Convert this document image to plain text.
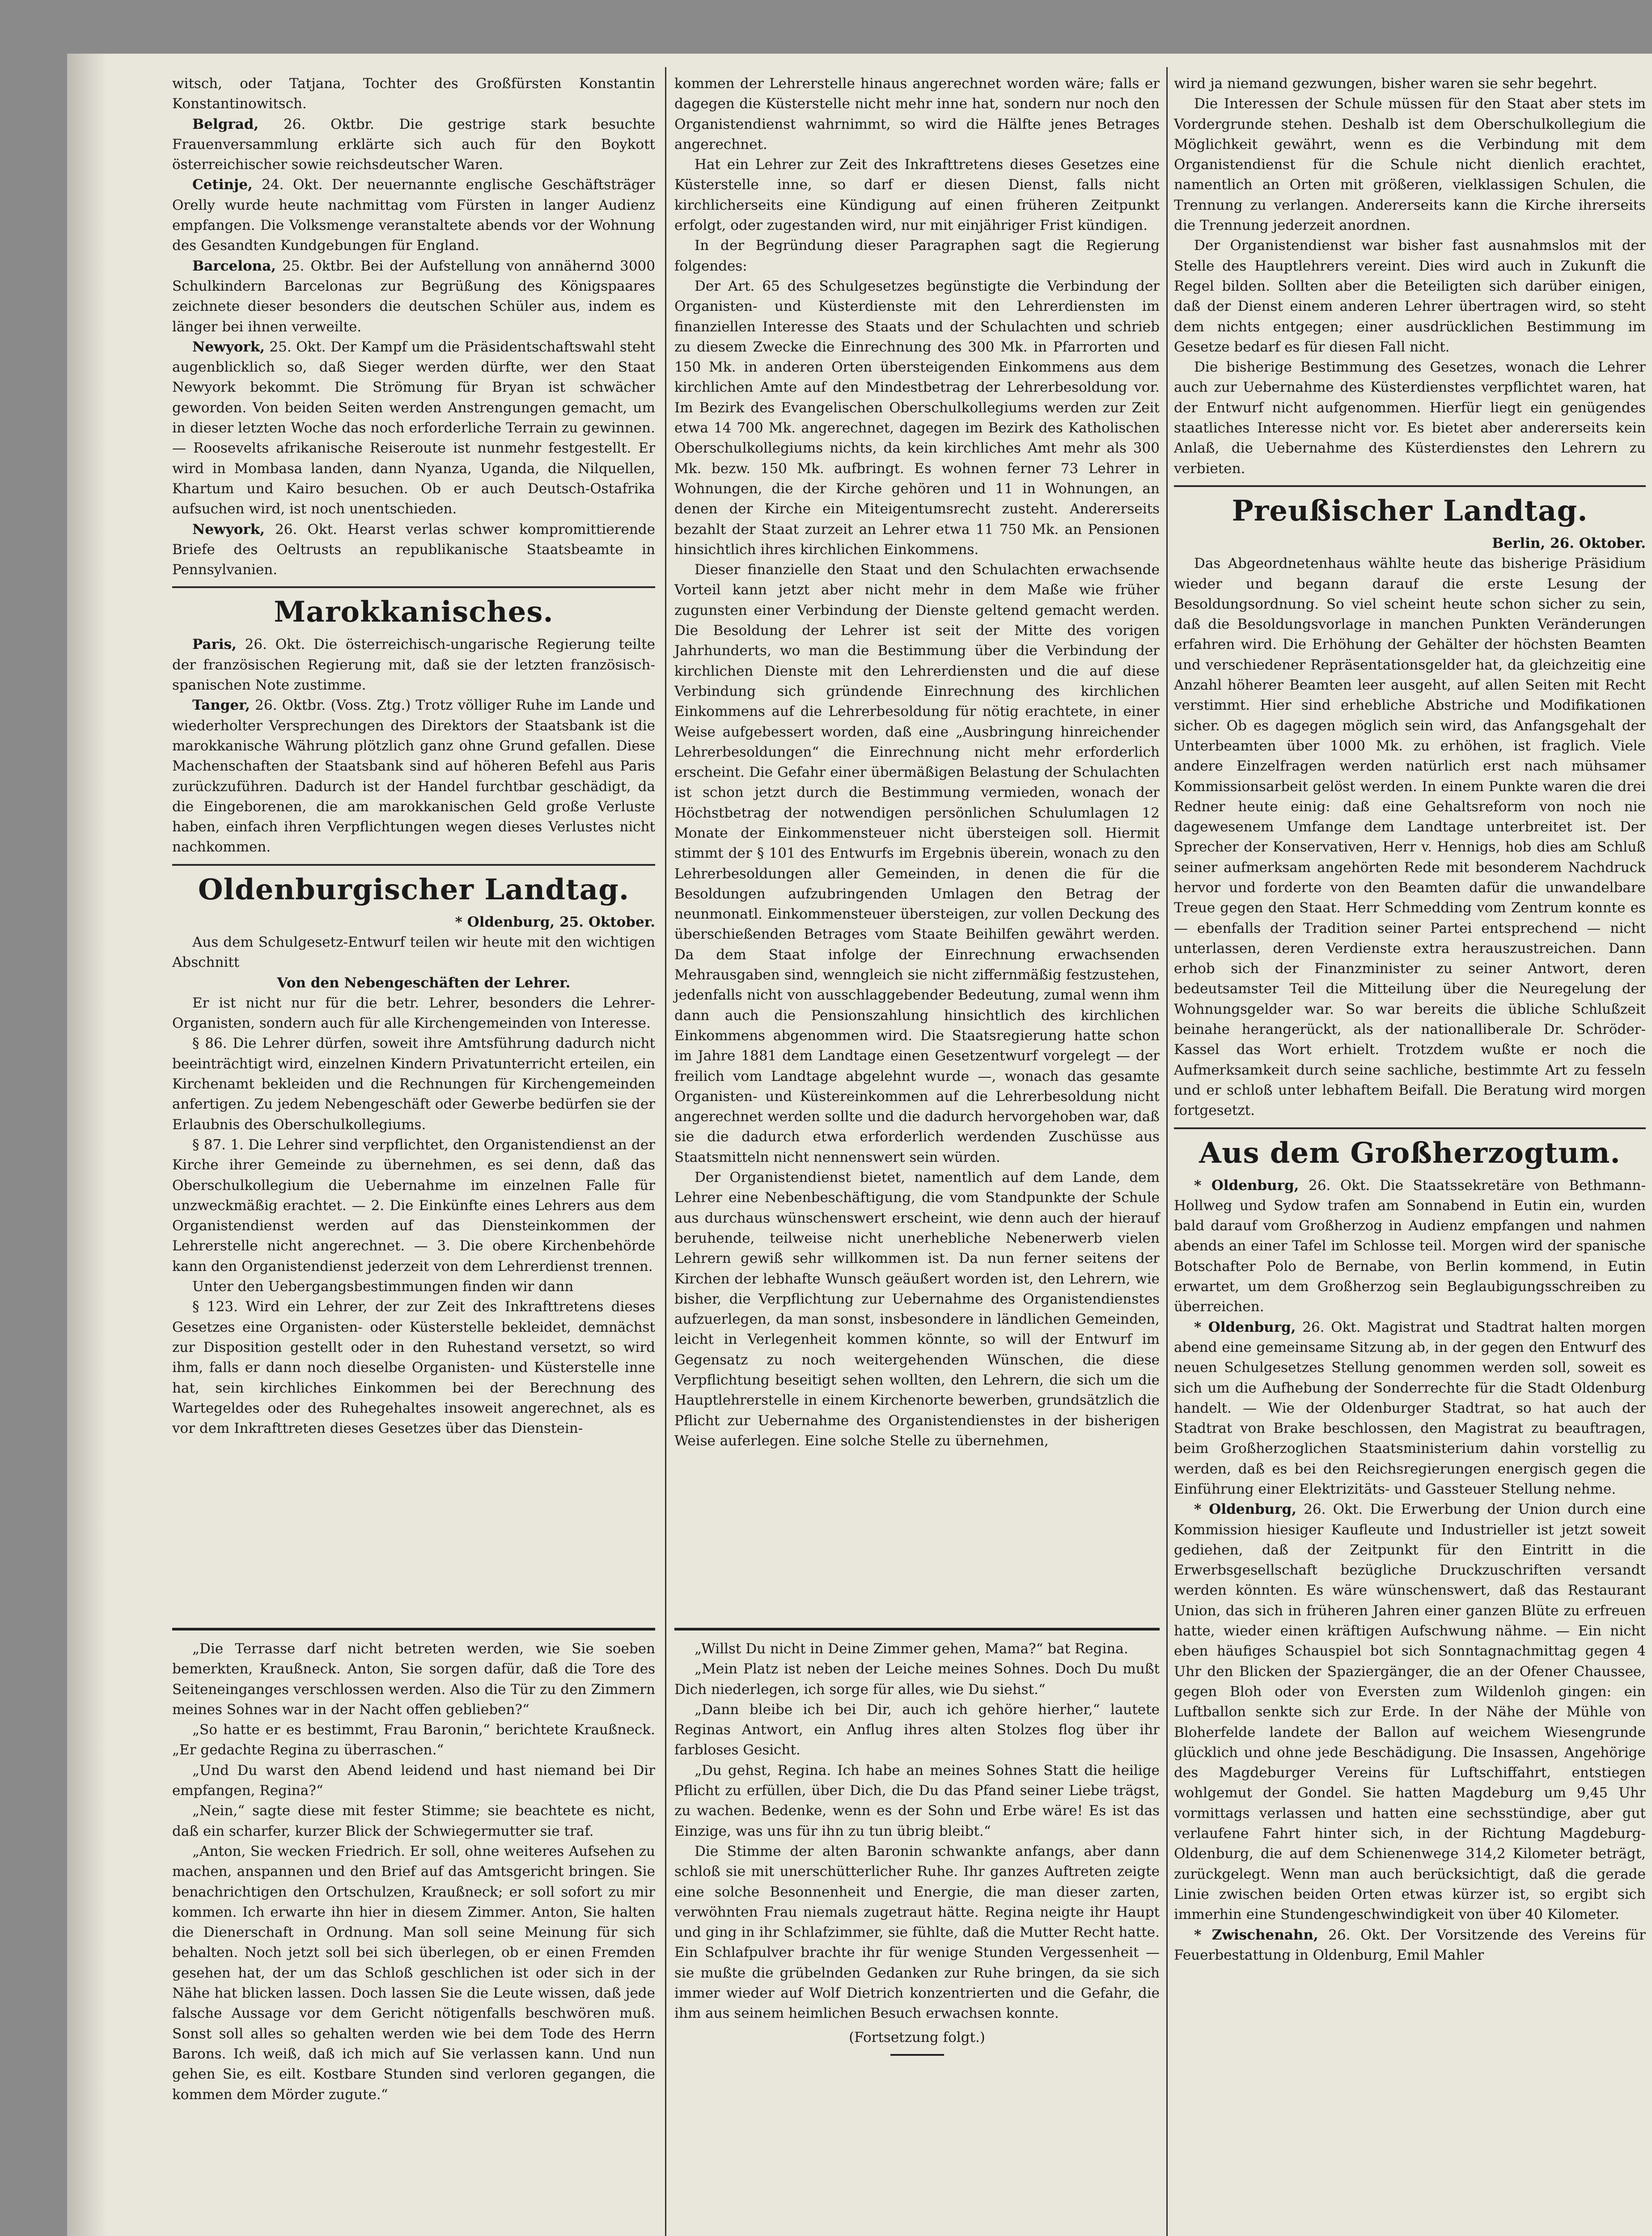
witsch, oder Tatjana, Tochter des Großfürsten Konstantin Konstantinowitsch.

Belgrad, 26. Oktbr. Die gestrige stark besuchte Frauenversammlung erklärte sich auch für den Boykott österreichischer sowie reichsdeutscher Waren.

Cetinje, 24. Okt. Der neuernannte englische Geschäftsträger Orelly wurde heute nachmittag vom Fürsten in langer Audienz empfangen. Die Volksmenge veranstaltete abends vor der Wohnung des Gesandten Kundgebungen für England.

Barcelona, 25. Oktbr. Bei der Aufstellung von annähernd 3000 Schulkindern Barcelonas zur Begrüßung des Königspaares zeichnete dieser besonders die deutschen Schüler aus, indem es länger bei ihnen verweilte.

Newyork, 25. Okt. Der Kampf um die Präsidentschaftswahl steht augenblicklich so, daß Sieger werden dürfte, wer den Staat Newyork bekommt. Die Strömung für Bryan ist schwächer geworden. Von beiden Seiten werden Anstrengungen gemacht, um in dieser letzten Woche das noch erforderliche Terrain zu gewinnen. — Roosevelts afrikanische Reiseroute ist nunmehr festgestellt. Er wird in Mombasa landen, dann Nyanza, Uganda, die Nilquellen, Khartum und Kairo besuchen. Ob er auch Deutsch-Ostafrika aufsuchen wird, ist noch unentschieden.

Newyork, 26. Okt. Hearst verlas schwer kompromittierende Briefe des Oeltrusts an republikanische Staatsbeamte in Pennsylvanien.

Marokkanisches.

Paris, 26. Okt. Die österreichisch-ungarische Regierung teilte der französischen Regierung mit, daß sie der letzten französisch-spanischen Note zustimme.

Tanger, 26. Oktbr. (Voss. Ztg.) Trotz völliger Ruhe im Lande und wiederholter Versprechungen des Direktors der Staatsbank ist die marokkanische Währung plötzlich ganz ohne Grund gefallen. Diese Machenschaften der Staatsbank sind auf höheren Befehl aus Paris zurückzuführen. Dadurch ist der Handel furchtbar geschädigt, da die Eingeborenen, die am marokkanischen Geld große Verluste haben, einfach ihren Verpflichtungen wegen dieses Verlustes nicht nachkommen.

Oldenburgischer Landtag.

* Oldenburg, 25. Oktober.

Aus dem Schulgesetz-Entwurf teilen wir heute mit den wichtigen Abschnitt

Von den Nebengeschäften der Lehrer.

Er ist nicht nur für die betr. Lehrer, besonders die Lehrer-Organisten, sondern auch für alle Kirchengemeinden von Interesse.

§ 86. Die Lehrer dürfen, soweit ihre Amtsführung dadurch nicht beeinträchtigt wird, einzelnen Kindern Privatunterricht erteilen, ein Kirchenamt bekleiden und die Rechnungen für Kirchengemeinden anfertigen. Zu jedem Nebengeschäft oder Gewerbe bedürfen sie der Erlaubnis des Oberschulkollegiums.

§ 87. 1. Die Lehrer sind verpflichtet, den Organistendienst an der Kirche ihrer Gemeinde zu übernehmen, es sei denn, daß das Oberschulkollegium die Uebernahme im einzelnen Falle für unzweckmäßig erachtet. — 2. Die Einkünfte eines Lehrers aus dem Organistendienst werden auf das Diensteinkommen der Lehrerstelle nicht angerechnet. — 3. Die obere Kirchenbehörde kann den Organistendienst jederzeit von dem Lehrerdienst trennen.

Unter den Uebergangsbestimmungen finden wir dann

§ 123. Wird ein Lehrer, der zur Zeit des Inkrafttretens dieses Gesetzes eine Organisten- oder Küsterstelle bekleidet, demnächst zur Disposition gestellt oder in den Ruhestand versetzt, so wird ihm, falls er dann noch dieselbe Organisten- und Küsterstelle inne hat, sein kirchliches Einkommen bei der Berechnung des Wartegeldes oder des Ruhegehaltes insoweit angerechnet, als es vor dem Inkrafttreten dieses Gesetzes über das Dienstein-

kommen der Lehrerstelle hinaus angerechnet worden wäre; falls er dagegen die Küsterstelle nicht mehr inne hat, sondern nur noch den Organistendienst wahrnimmt, so wird die Hälfte jenes Betrages angerechnet.

Hat ein Lehrer zur Zeit des Inkrafttretens dieses Gesetzes eine Küsterstelle inne, so darf er diesen Dienst, falls nicht kirchlicherseits eine Kündigung auf einen früheren Zeitpunkt erfolgt, oder zugestanden wird, nur mit einjähriger Frist kündigen.

In der Begründung dieser Paragraphen sagt die Regierung folgendes:

Der Art. 65 des Schulgesetzes begünstigte die Verbindung der Organisten- und Küsterdienste mit den Lehrerdiensten im finanziellen Interesse des Staats und der Schulachten und schrieb zu diesem Zwecke die Einrechnung des 300 Mk. in Pfarrorten und 150 Mk. in anderen Orten übersteigenden Einkommens aus dem kirchlichen Amte auf den Mindestbetrag der Lehrerbesoldung vor. Im Bezirk des Evangelischen Oberschulkollegiums werden zur Zeit etwa 14 700 Mk. angerechnet, dagegen im Bezirk des Katholischen Oberschulkollegiums nichts, da kein kirchliches Amt mehr als 300 Mk. bezw. 150 Mk. aufbringt. Es wohnen ferner 73 Lehrer in Wohnungen, die der Kirche gehören und 11 in Wohnungen, an denen der Kirche ein Miteigentumsrecht zusteht. Andererseits bezahlt der Staat zurzeit an Lehrer etwa 11 750 Mk. an Pensionen hinsichtlich ihres kirchlichen Einkommens.

Dieser finanzielle den Staat und den Schulachten erwachsende Vorteil kann jetzt aber nicht mehr in dem Maße wie früher zugunsten einer Verbindung der Dienste geltend gemacht werden. Die Besoldung der Lehrer ist seit der Mitte des vorigen Jahrhunderts, wo man die Bestimmung über die Verbindung der kirchlichen Dienste mit den Lehrerdiensten und die auf diese Verbindung sich gründende Einrechnung des kirchlichen Einkommens auf die Lehrerbesoldung für nötig erachtete, in einer Weise aufgebessert worden, daß eine „Ausbringung hinreichender Lehrerbesoldungen“ die Einrechnung nicht mehr erforderlich erscheint. Die Gefahr einer übermäßigen Belastung der Schulachten ist schon jetzt durch die Bestimmung vermieden, wonach der Höchstbetrag der notwendigen persönlichen Schulumlagen 12 Monate der Einkommensteuer nicht übersteigen soll. Hiermit stimmt der § 101 des Entwurfs im Ergebnis überein, wonach zu den Lehrerbesoldungen aller Gemeinden, in denen die für die Besoldungen aufzubringenden Umlagen den Betrag der neunmonatl. Einkommensteuer übersteigen, zur vollen Deckung des überschießenden Betrages vom Staate Beihilfen gewährt werden. Da dem Staat infolge der Einrechnung erwachsenden Mehrausgaben sind, wenngleich sie nicht ziffernmäßig festzustehen, jedenfalls nicht von ausschlaggebender Bedeutung, zumal wenn ihm dann auch die Pensionszahlung hinsichtlich des kirchlichen Einkommens abgenommen wird. Die Staatsregierung hatte schon im Jahre 1881 dem Landtage einen Gesetzentwurf vorgelegt — der freilich vom Landtage abgelehnt wurde —, wonach das gesamte Organisten- und Küstereinkommen auf die Lehrerbesoldung nicht angerechnet werden sollte und die dadurch hervorgehoben war, daß sie die dadurch etwa erforderlich werdenden Zuschüsse aus Staatsmitteln nicht nennenswert sein würden.

Der Organistendienst bietet, namentlich auf dem Lande, dem Lehrer eine Nebenbeschäftigung, die vom Standpunkte der Schule aus durchaus wünschenswert erscheint, wie denn auch der hierauf beruhende, teilweise nicht unerhebliche Nebenerwerb vielen Lehrern gewiß sehr willkommen ist. Da nun ferner seitens der Kirchen der lebhafte Wunsch geäußert worden ist, den Lehrern, wie bisher, die Verpflichtung zur Uebernahme des Organistendienstes aufzuerlegen, da man sonst, insbesondere in ländlichen Gemeinden, leicht in Verlegenheit kommen könnte, so will der Entwurf im Gegensatz zu noch weitergehenden Wünschen, die diese Verpflichtung beseitigt sehen wollten, den Lehrern, die sich um die Hauptlehrerstelle in einem Kirchenorte bewerben, grundsätzlich die Pflicht zur Uebernahme des Organistendienstes in der bisherigen Weise auferlegen. Eine solche Stelle zu übernehmen,

wird ja niemand gezwungen, bisher waren sie sehr begehrt.

Die Interessen der Schule müssen für den Staat aber stets im Vordergrunde stehen. Deshalb ist dem Oberschulkollegium die Möglichkeit gewährt, wenn es die Verbindung mit dem Organistendienst für die Schule nicht dienlich erachtet, namentlich an Orten mit größeren, vielklassigen Schulen, die Trennung zu verlangen. Andererseits kann die Kirche ihrerseits die Trennung jederzeit anordnen.

Der Organistendienst war bisher fast ausnahmslos mit der Stelle des Hauptlehrers vereint. Dies wird auch in Zukunft die Regel bilden. Sollten aber die Beteiligten sich darüber einigen, daß der Dienst einem anderen Lehrer übertragen wird, so steht dem nichts entgegen; einer ausdrücklichen Bestimmung im Gesetze bedarf es für diesen Fall nicht.

Die bisherige Bestimmung des Gesetzes, wonach die Lehrer auch zur Uebernahme des Küsterdienstes verpflichtet waren, hat der Entwurf nicht aufgenommen. Hierfür liegt ein genügendes staatliches Interesse nicht vor. Es bietet aber andererseits kein Anlaß, die Uebernahme des Küsterdienstes den Lehrern zu verbieten.

Preußischer Landtag.

Berlin, 26. Oktober.

Das Abgeordnetenhaus wählte heute das bisherige Präsidium wieder und begann darauf die erste Lesung der Besoldungsordnung. So viel scheint heute schon sicher zu sein, daß die Besoldungsvorlage in manchen Punkten Veränderungen erfahren wird. Die Erhöhung der Gehälter der höchsten Beamten und verschiedener Repräsentationsgelder hat, da gleichzeitig eine Anzahl höherer Beamten leer ausgeht, auf allen Seiten mit Recht verstimmt. Hier sind erhebliche Abstriche und Modifikationen sicher. Ob es dagegen möglich sein wird, das Anfangsgehalt der Unterbeamten über 1000 Mk. zu erhöhen, ist fraglich. Viele andere Einzelfragen werden natürlich erst nach mühsamer Kommissionsarbeit gelöst werden. In einem Punkte waren die drei Redner heute einig: daß eine Gehaltsreform von noch nie dagewesenem Umfange dem Landtage unterbreitet ist. Der Sprecher der Konservativen, Herr v. Hennigs, hob dies am Schluß seiner aufmerksam angehörten Rede mit besonderem Nachdruck hervor und forderte von den Beamten dafür die unwandelbare Treue gegen den Staat. Herr Schmedding vom Zentrum konnte es — ebenfalls der Tradition seiner Partei entsprechend — nicht unterlassen, deren Verdienste extra herauszustreichen. Dann erhob sich der Finanzminister zu seiner Antwort, deren bedeutsamster Teil die Mitteilung über die Neuregelung der Wohnungsgelder war. So war bereits die übliche Schlußzeit beinahe herangerückt, als der nationalliberale Dr. Schröder-Kassel das Wort erhielt. Trotzdem wußte er noch die Aufmerksamkeit durch seine sachliche, bestimmte Art zu fesseln und er schloß unter lebhaftem Beifall. Die Beratung wird morgen fortgesetzt.

Aus dem Großherzogtum.

* Oldenburg, 26. Okt. Die Staatssekretäre von Bethmann-Hollweg und Sydow trafen am Sonnabend in Eutin ein, wurden bald darauf vom Großherzog in Audienz empfangen und nahmen abends an einer Tafel im Schlosse teil. Morgen wird der spanische Botschafter Polo de Bernabe, von Berlin kommend, in Eutin erwartet, um dem Großherzog sein Beglaubigungsschreiben zu überreichen.

* Oldenburg, 26. Okt. Magistrat und Stadtrat halten morgen abend eine gemeinsame Sitzung ab, in der gegen den Entwurf des neuen Schulgesetzes Stellung genommen werden soll, soweit es sich um die Aufhebung der Sonderrechte für die Stadt Oldenburg handelt. — Wie der Oldenburger Stadtrat, so hat auch der Stadtrat von Brake beschlossen, den Magistrat zu beauftragen, beim Großherzoglichen Staatsministerium dahin vorstellig zu werden, daß es bei den Reichsregierungen energisch gegen die Einführung einer Elektrizitäts- und Gassteuer Stellung nehme.

* Oldenburg, 26. Okt. Die Erwerbung der Union durch eine Kommission hiesiger Kaufleute und Industrieller ist jetzt soweit gediehen, daß der Zeitpunkt für den Eintritt in die Erwerbsgesellschaft bezügliche Druckzuschriften versandt werden könnten. Es wäre wünschenswert, daß das Restaurant Union, das sich in früheren Jahren einer ganzen Blüte zu erfreuen hatte, wieder einen kräftigen Aufschwung nähme. — Ein nicht eben häufiges Schauspiel bot sich Sonntagnachmittag gegen 4 Uhr den Blicken der Spaziergänger, die an der Ofener Chaussee, gegen Bloh oder von Eversten zum Wildenloh gingen: ein Luftballon senkte sich zur Erde. In der Nähe der Mühle von Bloherfelde landete der Ballon auf weichem Wiesengrunde glücklich und ohne jede Beschädigung. Die Insassen, Angehörige des Magdeburger Vereins für Luftschiffahrt, entstiegen wohlgemut der Gondel. Sie hatten Magdeburg um 9,45 Uhr vormittags verlassen und hatten eine sechsstündige, aber gut verlaufene Fahrt hinter sich, in der Richtung Magdeburg-Oldenburg, die auf dem Schienenwege 314,2 Kilometer beträgt, zurückgelegt. Wenn man auch berücksichtigt, daß die gerade Linie zwischen beiden Orten etwas kürzer ist, so ergibt sich immerhin eine Stundengeschwindigkeit von über 40 Kilometer.

* Zwischenahn, 26. Okt. Der Vorsitzende des Vereins für Feuerbestattung in Oldenburg, Emil Mahler

„Die Terrasse darf nicht betreten werden, wie Sie soeben bemerkten, Kraußneck. Anton, Sie sorgen dafür, daß die Tore des Seiteneinganges verschlossen werden. Also die Tür zu den Zimmern meines Sohnes war in der Nacht offen geblieben?“

„So hatte er es bestimmt, Frau Baronin,“ berichtete Kraußneck. „Er gedachte Regina zu überraschen.“

„Und Du warst den Abend leidend und hast niemand bei Dir empfangen, Regina?“

„Nein,“ sagte diese mit fester Stimme; sie beachtete es nicht, daß ein scharfer, kurzer Blick der Schwiegermutter sie traf.

„Anton, Sie wecken Friedrich. Er soll, ohne weiteres Aufsehen zu machen, anspannen und den Brief auf das Amtsgericht bringen. Sie benachrichtigen den Ortschulzen, Kraußneck; er soll sofort zu mir kommen. Ich erwarte ihn hier in diesem Zimmer. Anton, Sie halten die Dienerschaft in Ordnung. Man soll seine Meinung für sich behalten. Noch jetzt soll bei sich überlegen, ob er einen Fremden gesehen hat, der um das Schloß geschlichen ist oder sich in der Nähe hat blicken lassen. Doch lassen Sie die Leute wissen, daß jede falsche Aussage vor dem Gericht nötigenfalls beschwören muß. Sonst soll alles so gehalten werden wie bei dem Tode des Herrn Barons. Ich weiß, daß ich mich auf Sie verlassen kann. Und nun gehen Sie, es eilt. Kostbare Stunden sind verloren gegangen, die kommen dem Mörder zugute.“

„Willst Du nicht in Deine Zimmer gehen, Mama?“ bat Regina.

„Mein Platz ist neben der Leiche meines Sohnes. Doch Du mußt Dich niederlegen, ich sorge für alles, wie Du siehst.“

„Dann bleibe ich bei Dir, auch ich gehöre hierher,“ lautete Reginas Antwort, ein Anflug ihres alten Stolzes flog über ihr farbloses Gesicht.

„Du gehst, Regina. Ich habe an meines Sohnes Statt die heilige Pflicht zu erfüllen, über Dich, die Du das Pfand seiner Liebe trägst, zu wachen. Bedenke, wenn es der Sohn und Erbe wäre! Es ist das Einzige, was uns für ihn zu tun übrig bleibt.“

Die Stimme der alten Baronin schwankte anfangs, aber dann schloß sie mit unerschütterlicher Ruhe. Ihr ganzes Auftreten zeigte eine solche Besonnenheit und Energie, die man dieser zarten, verwöhnten Frau niemals zugetraut hätte. Regina neigte ihr Haupt und ging in ihr Schlafzimmer, sie fühlte, daß die Mutter Recht hatte. Ein Schlafpulver brachte ihr für wenige Stunden Vergessenheit — sie mußte die grübelnden Gedanken zur Ruhe bringen, da sie sich immer wieder auf Wolf Dietrich konzentrierten und die Gefahr, die ihm aus seinem heimlichen Besuch erwachsen konnte.

(Fortsetzung folgt.)
